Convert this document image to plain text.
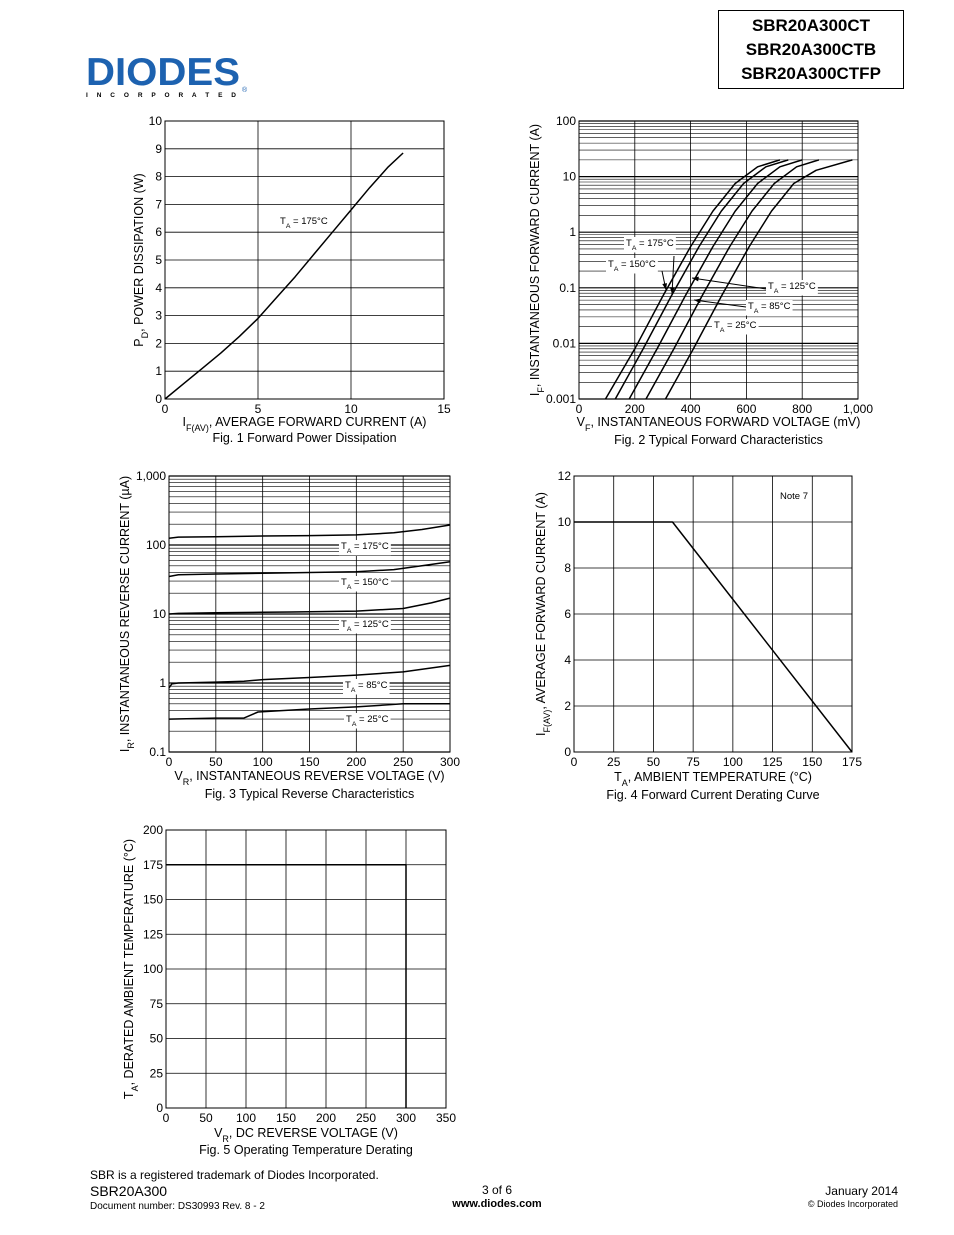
DIODES
I N C O R P O R A T E D
®
SBR20A300CT
SBR20A300CTB
SBR20A300CTFP
0	5	10	15
0
1
2
3
4
5
6
7
8
9
10
$I_{F(AV)}$, AVERAGE FORWARD CURRENT (A)
$P_D$, POWER DISSIPATION (W)
Fig. 1 Forward Power Dissipation
$T_A = 175^\circ C$
0	200	400	600	800	1,000
0.001
0.01
0.1
1
10
100
$V_F$, INSTANTANEOUS FORWARD VOLTAGE (mV)
$I_F$, INSTANTANEOUS FORWARD CURRENT (A)
Fig. 2 Typical Forward Characteristics
$T_A = 175^\circ C$
$T_A = 150^\circ C$
$T_A = 125^\circ C$
$T_A = 85^\circ C$
$T_A = 25^\circ C$
0	50	100 150 200 250 300
0.1
1
10
100
1,000
$V_R$, INSTANTANEOUS REVERSE VOLTAGE (V)
$I_R$, INSTANTANEOUS REVERSE CURRENT (µA)
Fig. 3 Typical Reverse Characteristics
$T_A = 175^\circ C$
$T_A = 150^\circ C$
$T_A = 125^\circ C$
$T_A = 85^\circ C$
$T_A = 25^\circ C$
0 25 50 75 100 125 150 175
0
2
4
6
8
10
12
$T_A$, AMBIENT TEMPERATURE (°C)
$I_{F(AV)}$, AVERAGE FORWARD CURRENT (A)
Fig. 4 Forward Current Derating Curve
Note 7
0 50 100 150 200 250 300 350
0
25
50
75
100
125
150
175
200
$V_R$, DC REVERSE VOLTAGE (V)
$T_A$, DERATED AMBIENT TEMPERATURE (°C)
Fig. 5 Operating Temperature Derating
SBR is a registered trademark of Diodes Incorporated.
SBR20A300
Document number: DS30993 Rev. 8 - 2
3 of 6
www.diodes.com
January 2014
© Diodes Incorporated
